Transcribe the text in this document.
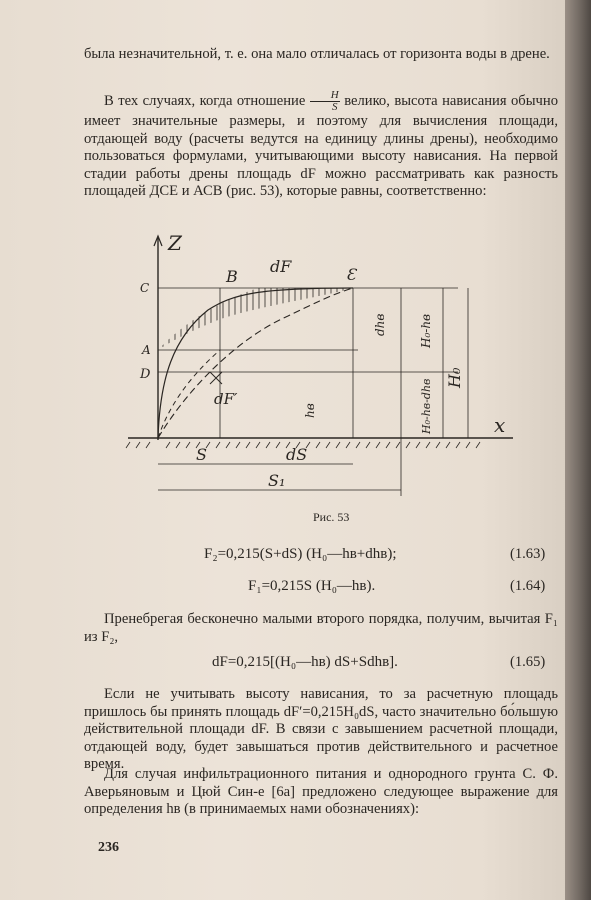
была незначительной, т. е. она мало отличалась от горизонта воды в дрене.

В тех случаях, когда отношение $\frac{H}{S}$ велико, высота нависания обычно имеет значительные размеры, и поэтому для вычисления площади, отдающей воду (расчеты ведутся на единицу длины дрены), необходимо пользоваться формулами, учитывающими высоту нависания. На первой стадии работы дрены площадь dF можно рассматривать как разность площадей ДСЕ и АСВ (рис. 53), которые равны, соответственно:

Z
x
C
A
D
B	Ɛ
dF
dF′
dhв	H₀-hв
H₀
hв	H₀-hв-dhв
S	dS
S₁
Рис. 53
F₂=0,215(S+dS) (H₀—hв+dhв);	(1.63)
F₁=0,215S (H₀—hв).	(1.64)

Пренебрегая бесконечно малыми второго порядка, получим, вычитая F₁ из F₂,

dF=0,215[(H₀—hв) dS+Sdhв].	(1.65)

Если не учитывать высоту нависания, то за расчетную площадь пришлось бы принять площадь dF′=0,215H₀dS, часто значительно бо́льшую действительной площади dF. В связи с завышением расчетной площади, отдающей воду, будет завышаться против действительного и расчетное время.

Для случая инфильтрационного питания и однородного грунта С. Ф. Аверьяновым и Цюй Син-е [6а] предложено следующее выражение для определения hв (в принимаемых нами обозначениях):

236
